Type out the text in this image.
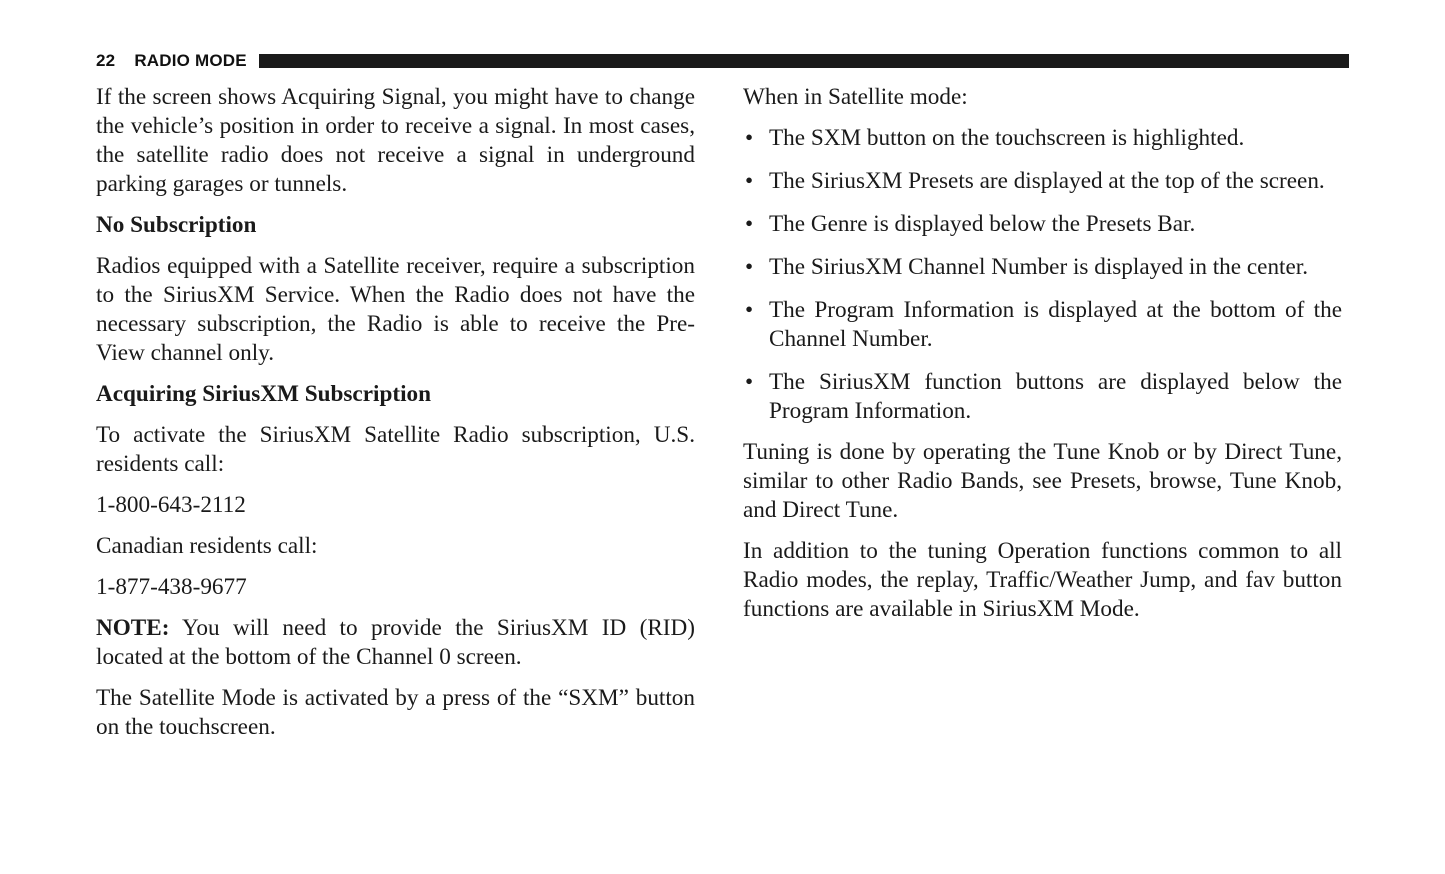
22 RADIO MODE

If the screen shows Acquiring Signal, you might have to change the vehicle’s position in order to receive a signal. In most cases, the satellite radio does not receive a signal in underground parking garages or tunnels.

No Subscription

Radios equipped with a Satellite receiver, require a subscription to the SiriusXM Service. When the Radio does not have the necessary subscription, the Radio is able to receive the Pre-View channel only.

Acquiring SiriusXM Subscription

To activate the SiriusXM Satellite Radio subscription, U.S. residents call:

1-800-643-2112

Canadian residents call:

1-877-438-9677

NOTE: You will need to provide the SiriusXM ID (RID) located at the bottom of the Channel 0 screen.

The Satellite Mode is activated by a press of the “SXM” button on the touchscreen.

When in Satellite mode:

• The SXM button on the touchscreen is highlighted.
• The SiriusXM Presets are displayed at the top of the screen.
• The Genre is displayed below the Presets Bar.
• The SiriusXM Channel Number is displayed in the center.
• The Program Information is displayed at the bottom of the Channel Number.
• The SiriusXM function buttons are displayed below the Program Information.

Tuning is done by operating the Tune Knob or by Direct Tune, similar to other Radio Bands, see Presets, browse, Tune Knob, and Direct Tune.

In addition to the tuning Operation functions common to all Radio modes, the replay, Traffic/Weather Jump, and fav button functions are available in SiriusXM Mode.
